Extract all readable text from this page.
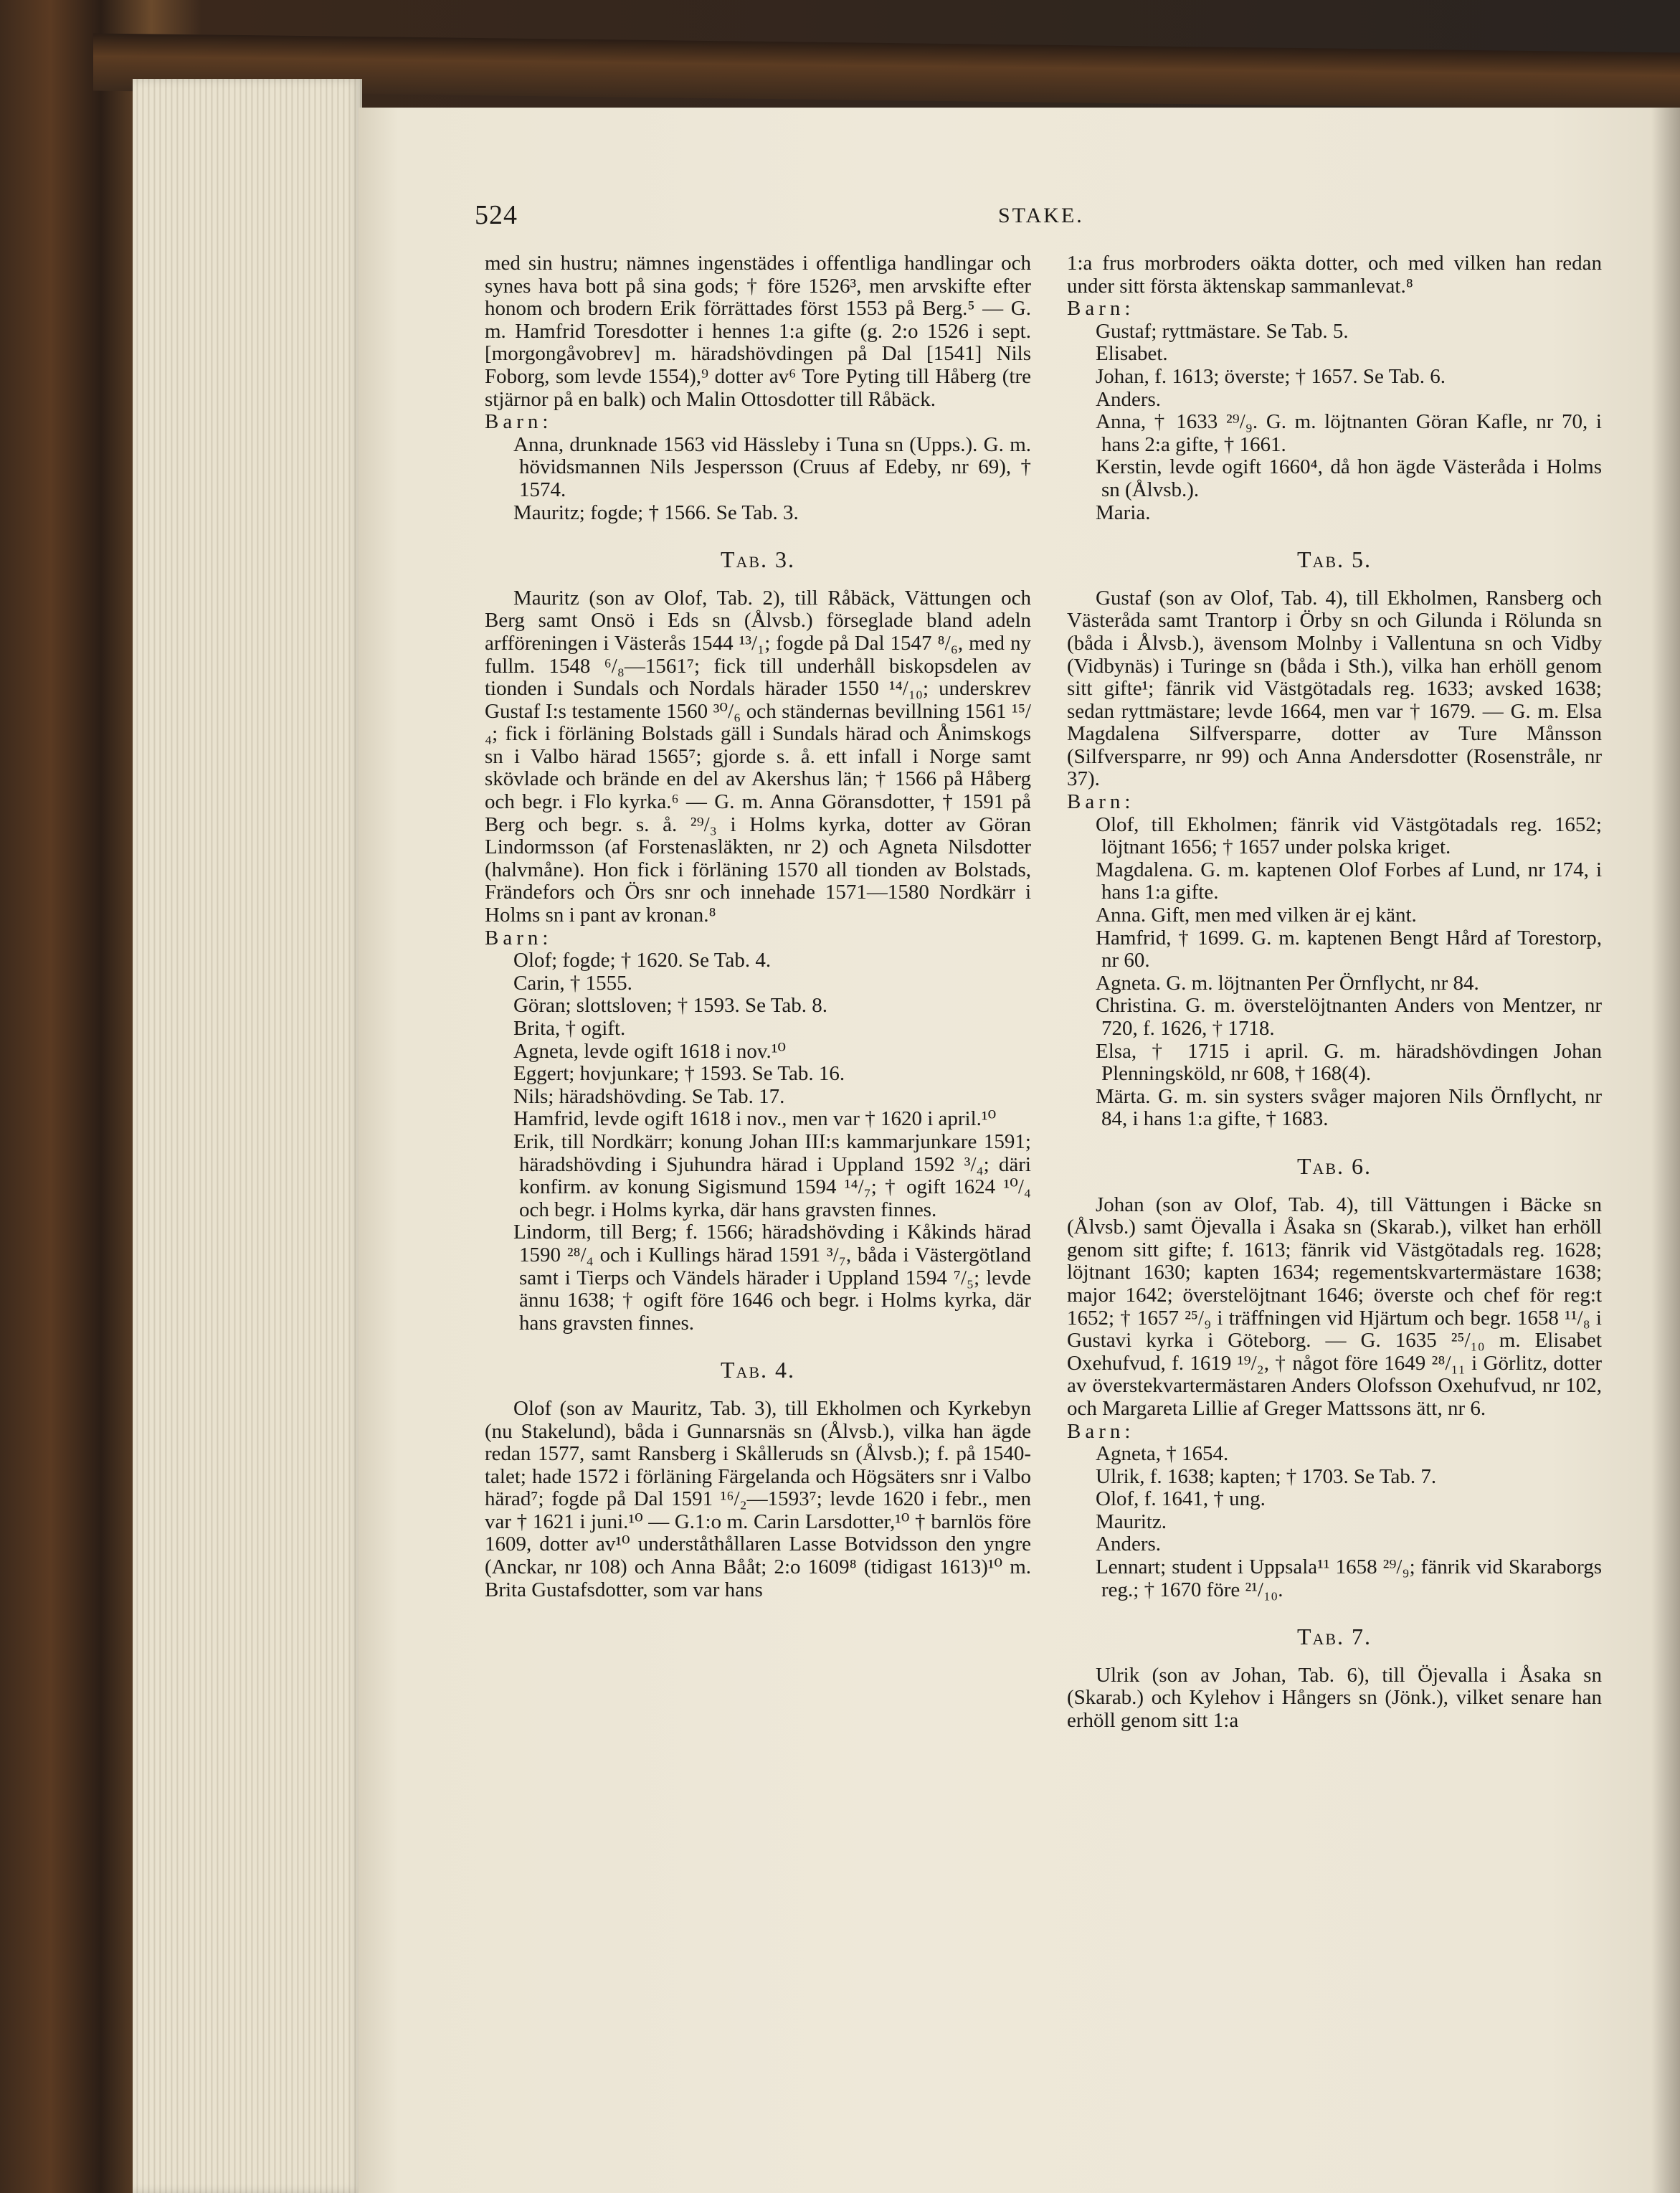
524	STAKE.

med sin hustru; nämnes ingenstädes i offentliga handlingar och synes hava bott på sina gods; † före 1526³, men arvskifte efter honom och brodern Erik förrättades först 1553 på Berg.⁵ — G. m. Hamfrid Toresdotter i hennes 1:a gifte (g. 2:o 1526 i sept. [morgongåvobrev] m. häradshövdingen på Dal [1541] Nils Foborg, som levde 1554),⁹ dotter av⁶ Tore Pyting till Håberg (tre stjärnor på en balk) och Malin Ottosdotter till Råbäck.

Barn:

Anna, drunknade 1563 vid Hässleby i Tuna sn (Upps.). G. m. hövidsmannen Nils Jespersson (Cruus af Edeby, nr 69), † 1574.

Mauritz; fogde; † 1566. Se Tab. 3.

Tab. 3.

Mauritz (son av Olof, Tab. 2), till Råbäck, Vättungen och Berg samt Onsö i Eds sn (Ålvsb.) förseglade bland adeln arfföreningen i Västerås 1544 ¹³/₁; fogde på Dal 1547 ⁸/₆, med ny fullm. 1548 ⁶/₈—1561⁷; fick till underhåll biskopsdelen av tionden i Sundals och Nordals härader 1550 ¹⁴/₁₀; underskrev Gustaf I:s testamente 1560 ³⁰/₆ och ständernas bevillning 1561 ¹⁵/₄; fick i förläning Bolstads gäll i Sundals härad och Ånimskogs sn i Valbo härad 1565⁷; gjorde s. å. ett infall i Norge samt skövlade och brände en del av Akershus län; † 1566 på Håberg och begr. i Flo kyrka.⁶ — G. m. Anna Göransdotter, † 1591 på Berg och begr. s. å. ²⁹/₃ i Holms kyrka, dotter av Göran Lindormsson (af Forstenasläkten, nr 2) och Agneta Nilsdotter (halvmåne). Hon fick i förläning 1570 all tionden av Bolstads, Frändefors och Örs snr och innehade 1571—1580 Nordkärr i Holms sn i pant av kronan.⁸

Barn:

Olof; fogde; † 1620. Se Tab. 4.

Carin, † 1555.

Göran; slottsloven; † 1593. Se Tab. 8.

Brita, † ogift.

Agneta, levde ogift 1618 i nov.¹⁰

Eggert; hovjunkare; † 1593. Se Tab. 16.

Nils; häradshövding. Se Tab. 17.

Hamfrid, levde ogift 1618 i nov., men var † 1620 i april.¹⁰

Erik, till Nordkärr; konung Johan III:s kammarjunkare 1591; häradshövding i Sjuhundra härad i Uppland 1592 ³/₄; däri konfirm. av konung Sigismund 1594 ¹⁴/₇; † ogift 1624 ¹⁰/₄ och begr. i Holms kyrka, där hans gravsten finnes.

Lindorm, till Berg; f. 1566; häradshövding i Kåkinds härad 1590 ²⁸/₄ och i Kullings härad 1591 ³/₇, båda i Västergötland samt i Tierps och Vändels härader i Uppland 1594 ⁷/₅; levde ännu 1638; † ogift före 1646 och begr. i Holms kyrka, där hans gravsten finnes.

Tab. 4.

Olof (son av Mauritz, Tab. 3), till Ekholmen och Kyrkebyn (nu Stakelund), båda i Gunnarsnäs sn (Ålvsb.), vilka han ägde redan 1577, samt Ransberg i Skålleruds sn (Ålvsb.); f. på 1540-talet; hade 1572 i förläning Färgelanda och Högsäters snr i Valbo härad⁷; fogde på Dal 1591 ¹⁶/₂—1593⁷; levde 1620 i febr., men var † 1621 i juni.¹⁰ — G.1:o m. Carin Larsdotter,¹⁰ † barnlös före 1609, dotter av¹⁰ underståthållaren Lasse Botvidsson den yngre (Anckar, nr 108) och Anna Bååt; 2:o 1609⁸ (tidigast 1613)¹⁰ m. Brita Gustafsdotter, som var hans

1:a frus morbroders oäkta dotter, och med vilken han redan under sitt första äktenskap sammanlevat.⁸

Barn:

Gustaf; ryttmästare. Se Tab. 5.

Elisabet.

Johan, f. 1613; överste; † 1657. Se Tab. 6.

Anders.

Anna, † 1633 ²⁹/₉. G. m. löjtnanten Göran Kafle, nr 70, i hans 2:a gifte, † 1661.

Kerstin, levde ogift 1660⁴, då hon ägde Västeråda i Holms sn (Ålvsb.).

Maria.

Tab. 5.

Gustaf (son av Olof, Tab. 4), till Ekholmen, Ransberg och Västeråda samt Trantorp i Örby sn och Gilunda i Rölunda sn (båda i Ålvsb.), ävensom Molnby i Vallentuna sn och Vidby (Vidbynäs) i Turinge sn (båda i Sth.), vilka han erhöll genom sitt gifte¹; fänrik vid Västgötadals reg. 1633; avsked 1638; sedan ryttmästare; levde 1664, men var † 1679. — G. m. Elsa Magdalena Silfversparre, dotter av Ture Månsson (Silfversparre, nr 99) och Anna Andersdotter (Rosenstråle, nr 37).

Barn:

Olof, till Ekholmen; fänrik vid Västgötadals reg. 1652; löjtnant 1656; † 1657 under polska kriget.

Magdalena. G. m. kaptenen Olof Forbes af Lund, nr 174, i hans 1:a gifte.

Anna. Gift, men med vilken är ej känt.

Hamfrid, † 1699. G. m. kaptenen Bengt Hård af Torestorp, nr 60.

Agneta. G. m. löjtnanten Per Örnflycht, nr 84.

Christina. G. m. överstelöjtnanten Anders von Mentzer, nr 720, f. 1626, † 1718.

Elsa, † 1715 i april. G. m. häradshövdingen Johan Plenningsköld, nr 608, † 168(4).

Märta. G. m. sin systers svåger majoren Nils Örnflycht, nr 84, i hans 1:a gifte, † 1683.

Tab. 6.

Johan (son av Olof, Tab. 4), till Vättungen i Bäcke sn (Ålvsb.) samt Öjevalla i Åsaka sn (Skarab.), vilket han erhöll genom sitt gifte; f. 1613; fänrik vid Västgötadals reg. 1628; löjtnant 1630; kapten 1634; regementskvartermästare 1638; major 1642; överstelöjtnant 1646; överste och chef för reg:t 1652; † 1657 ²⁵/₉ i träffningen vid Hjärtum och begr. 1658 ¹¹/₈ i Gustavi kyrka i Göteborg. — G. 1635 ²⁵/₁₀ m. Elisabet Oxehufvud, f. 1619 ¹⁹/₂, † något före 1649 ²⁸/₁₁ i Görlitz, dotter av överstekvartermästaren Anders Olofsson Oxehufvud, nr 102, och Margareta Lillie af Greger Mattssons ätt, nr 6.

Barn:

Agneta, † 1654.

Ulrik, f. 1638; kapten; † 1703. Se Tab. 7.

Olof, f. 1641, † ung.

Mauritz.

Anders.

Lennart; student i Uppsala¹¹ 1658 ²⁹/₉; fänrik vid Skaraborgs reg.; † 1670 före ²¹/₁₀.

Tab. 7.

Ulrik (son av Johan, Tab. 6), till Öjevalla i Åsaka sn (Skarab.) och Kylehov i Hångers sn (Jönk.), vilket senare han erhöll genom sitt 1:a
